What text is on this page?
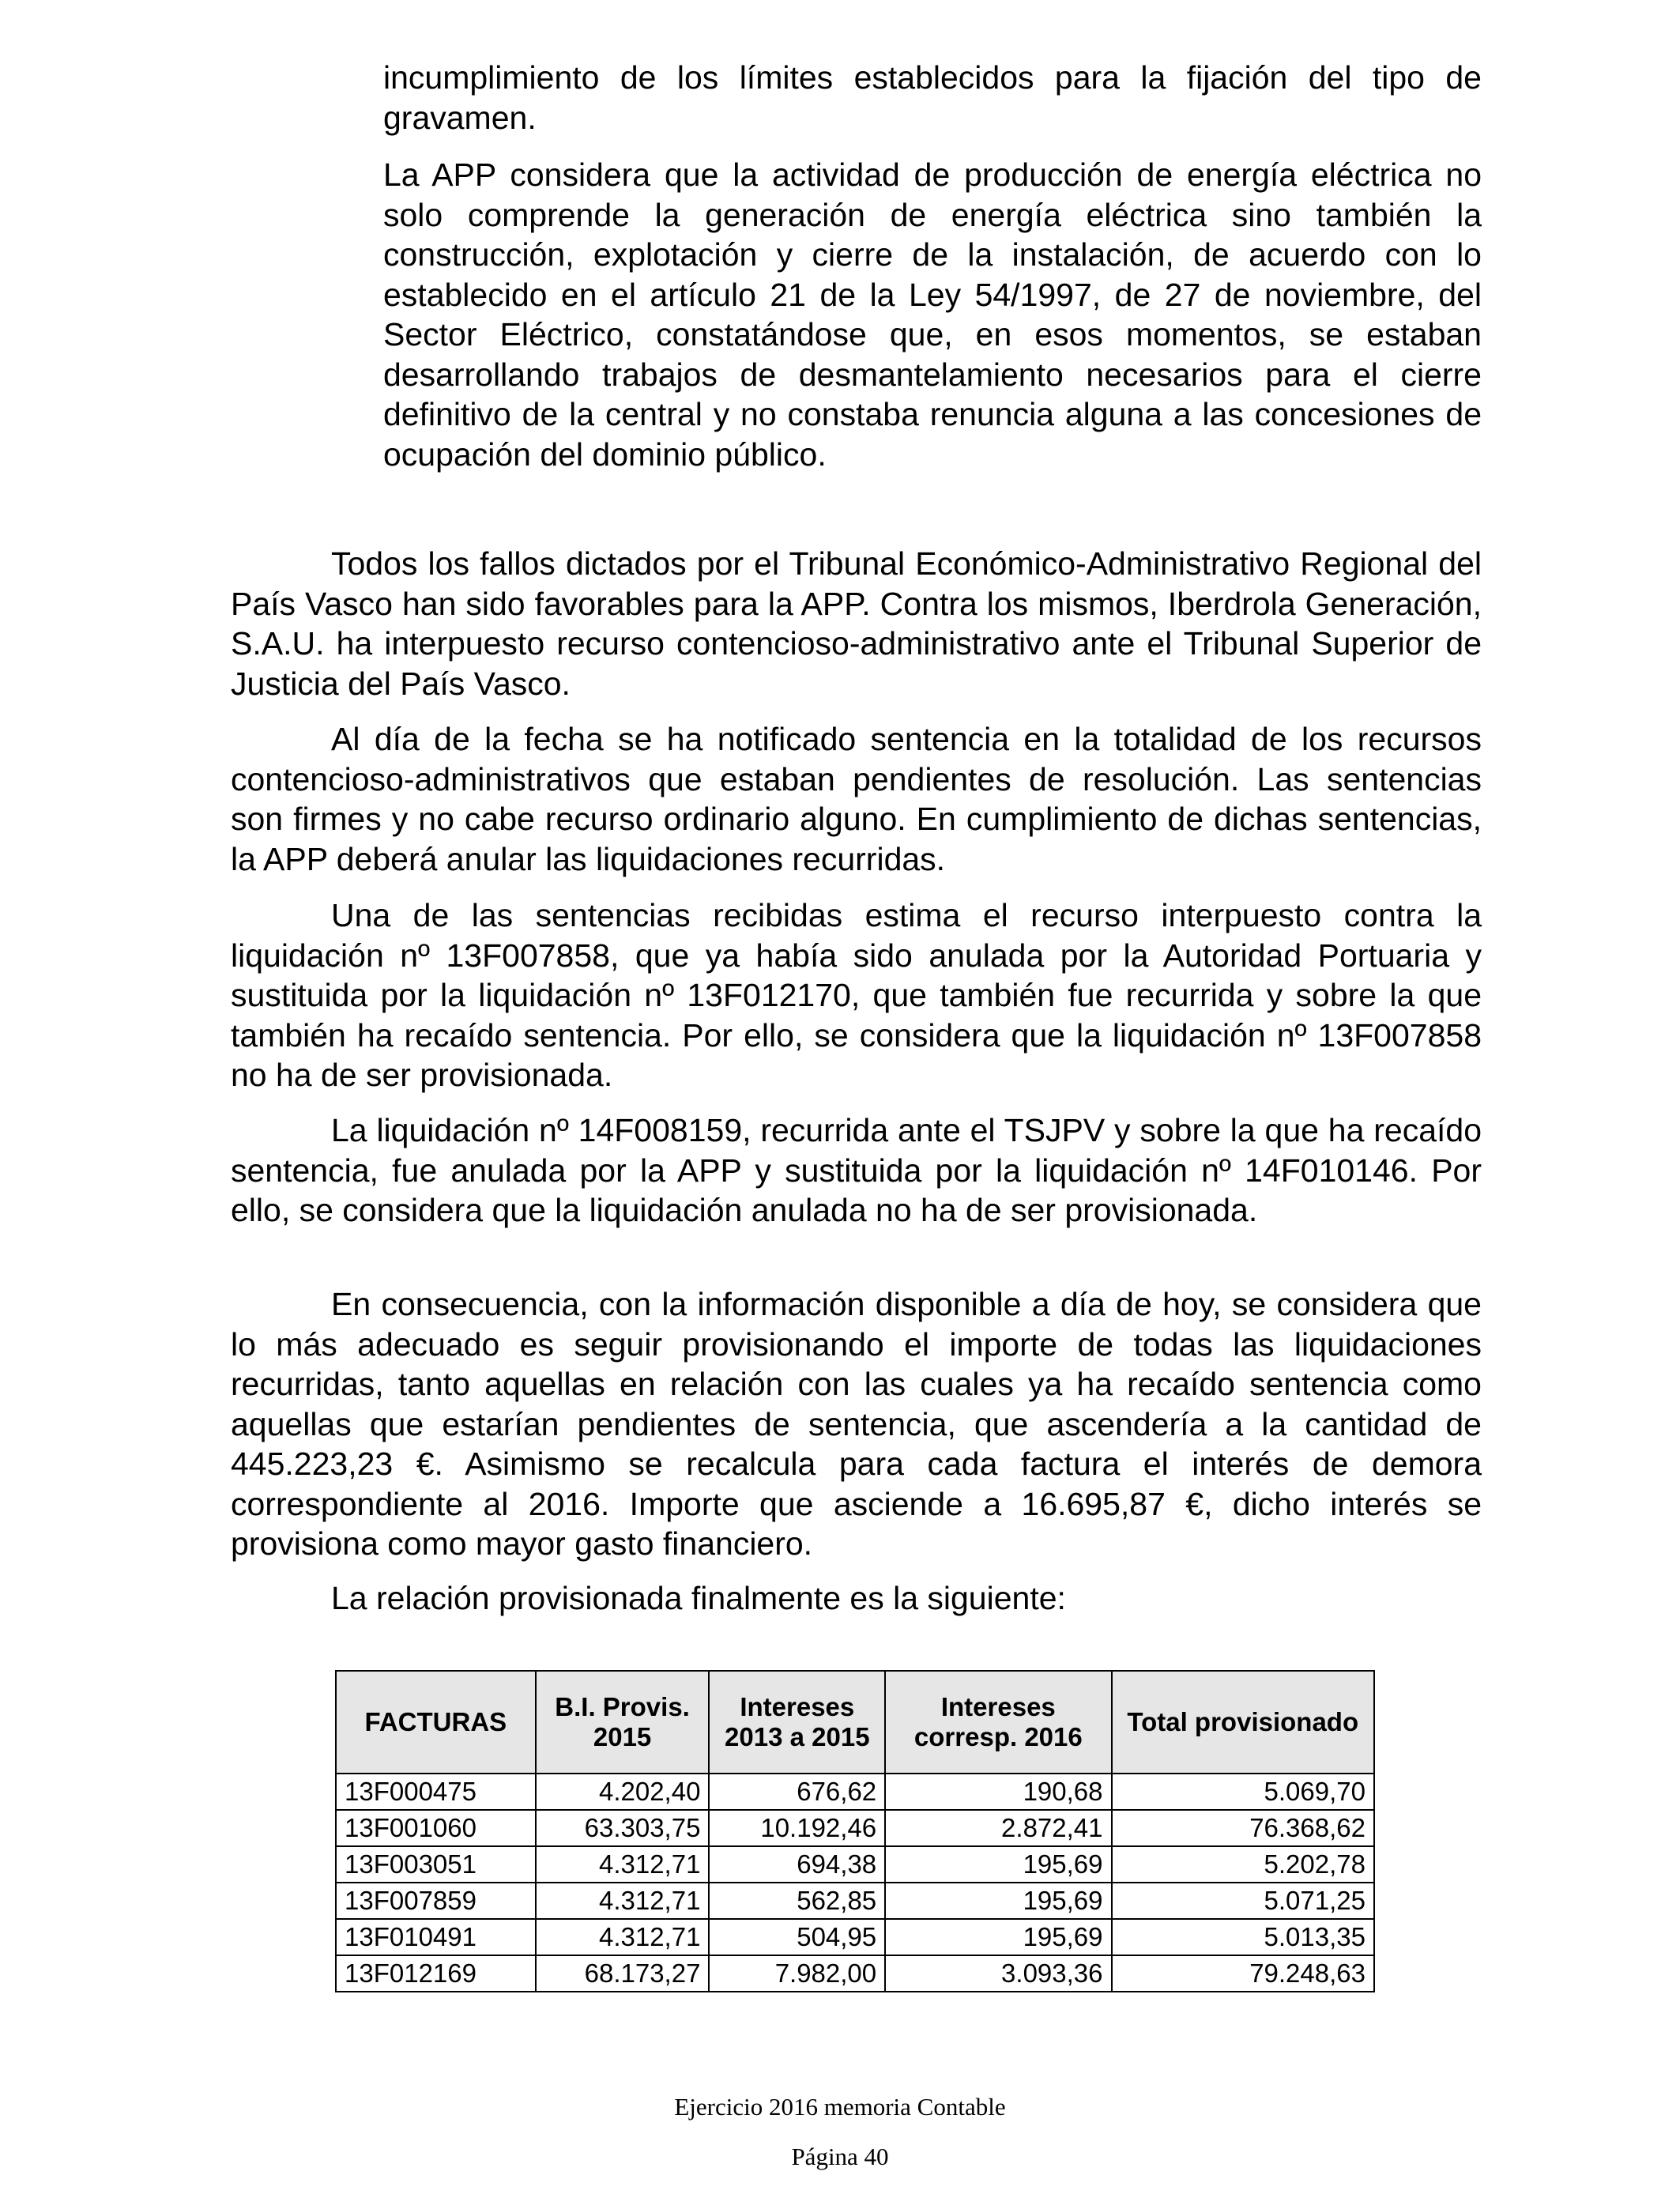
incumplimiento de los límites establecidos para la fijación del tipo de gravamen.

La APP considera que la actividad de producción de energía eléctrica no solo comprende la generación de energía eléctrica sino también la construcción, explotación y cierre de la instalación, de acuerdo con lo establecido en el artículo 21 de la Ley 54/1997, de 27 de noviembre, del Sector Eléctrico, constatándose que, en esos momentos, se estaban desarrollando trabajos de desmantelamiento necesarios para el cierre definitivo de la central y no constaba renuncia alguna a las concesiones de ocupación del dominio público.

Todos los fallos dictados por el Tribunal Económico-Administrativo Regional del País Vasco han sido favorables para la APP. Contra los mismos, Iberdrola Generación, S.A.U. ha interpuesto recurso contencioso-administrativo ante el Tribunal Superior de Justicia del País Vasco.

Al día de la fecha se ha notificado sentencia en la totalidad de los recursos contencioso-administrativos que estaban pendientes de resolución. Las sentencias son firmes y no cabe recurso ordinario alguno. En cumplimiento de dichas sentencias, la APP deberá anular las liquidaciones recurridas.

Una de las sentencias recibidas estima el recurso interpuesto contra la liquidación nº 13F007858, que ya había sido anulada por la Autoridad Portuaria y sustituida por la liquidación nº 13F012170, que también fue recurrida y sobre la que también ha recaído sentencia. Por ello, se considera que la liquidación nº 13F007858 no ha de ser provisionada.

La liquidación nº 14F008159, recurrida ante el TSJPV y sobre la que ha recaído sentencia, fue anulada por la APP y sustituida por la liquidación nº 14F010146. Por ello, se considera que la liquidación anulada no ha de ser provisionada.

En consecuencia, con la información disponible a día de hoy, se considera que lo más adecuado es seguir provisionando el importe de todas las liquidaciones recurridas, tanto aquellas en relación con las cuales ya ha recaído sentencia como aquellas que estarían pendientes de sentencia, que ascendería a la cantidad de 445.223,23 €. Asimismo se recalcula para cada factura el interés de demora correspondiente al 2016. Importe que asciende a 16.695,87 €, dicho interés se provisiona como mayor gasto financiero.

La relación provisionada finalmente es la siguiente:

FACTURAS	B.I. Provis. 2015	Intereses 2013 a 2015	Intereses corresp. 2016	Total provisionado
13F000475	4.202,40	676,62	190,68	5.069,70
13F001060	63.303,75	10.192,46	2.872,41	76.368,62
13F003051	4.312,71	694,38	195,69	5.202,78
13F007859	4.312,71	562,85	195,69	5.071,25
13F010491	4.312,71	504,95	195,69	5.013,35
13F012169	68.173,27	7.982,00	3.093,36	79.248,63
Ejercicio 2016 memoria Contable
Página 40
